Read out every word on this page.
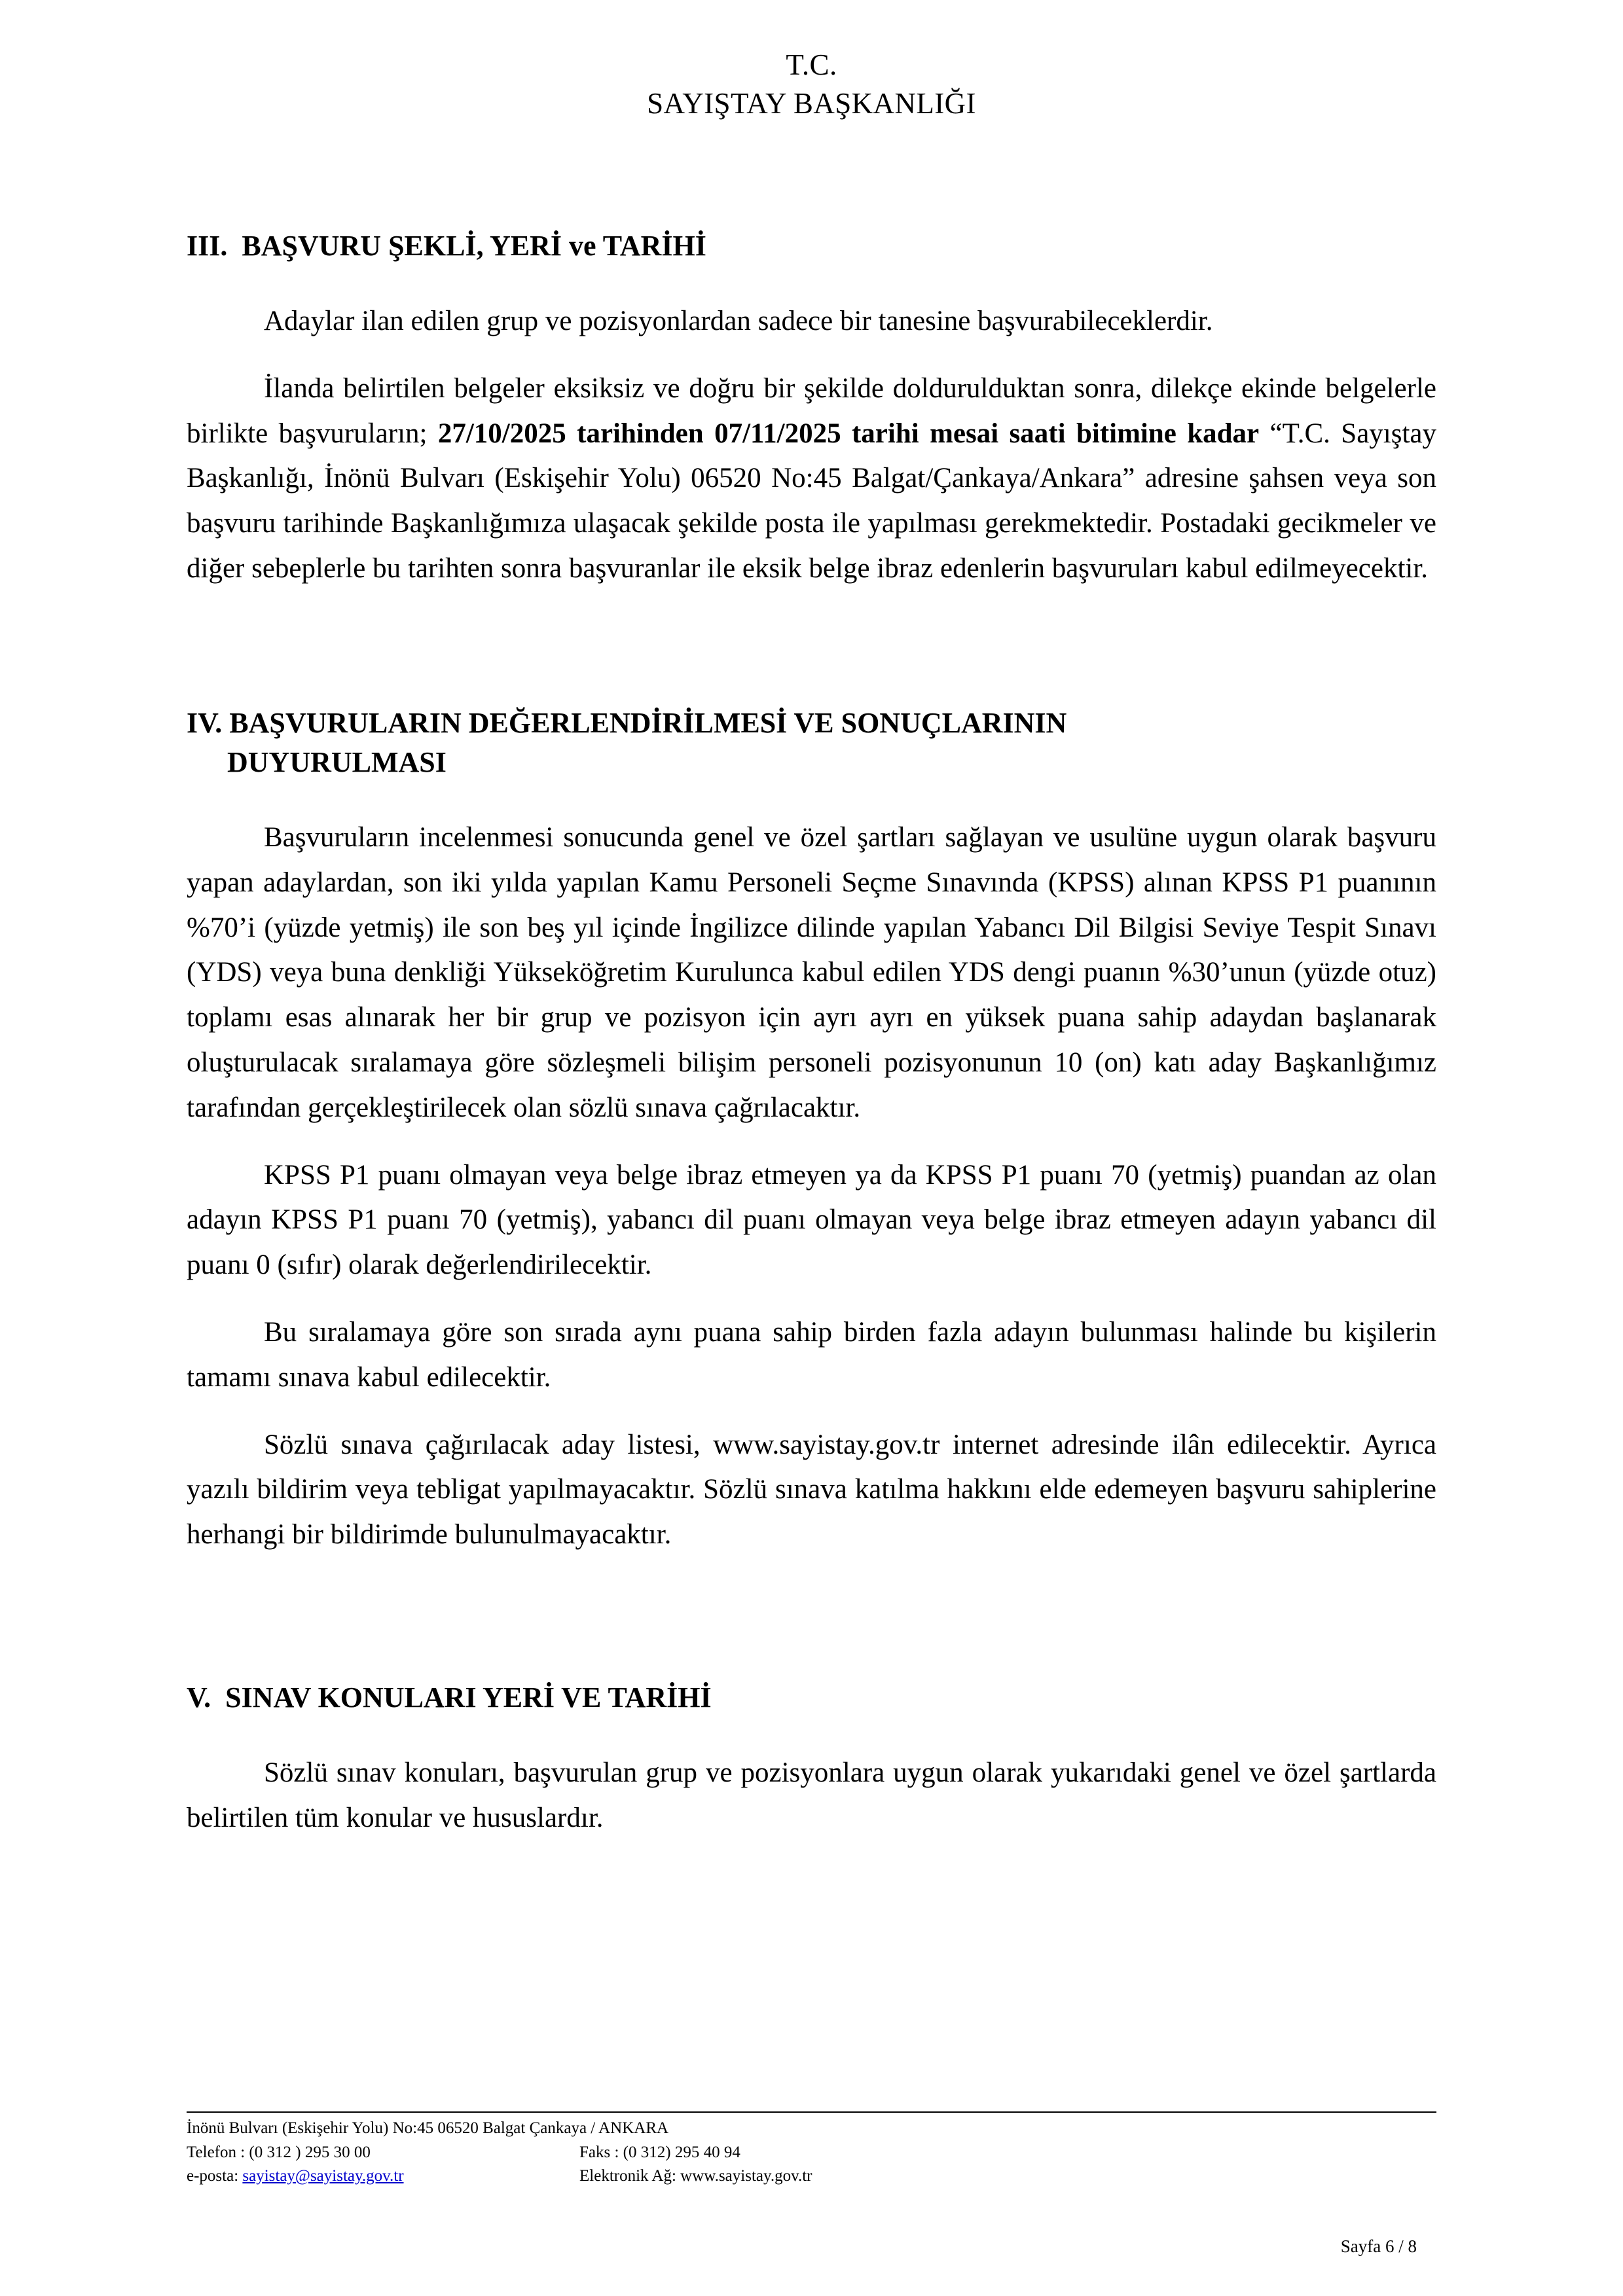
T.C.
SAYIŞTAY BAŞKANLIĞI
III. BAŞVURU ŞEKLİ, YERİ ve TARİHİ

Adaylar ilan edilen grup ve pozisyonlardan sadece bir tanesine başvurabileceklerdir.

İlanda belirtilen belgeler eksiksiz ve doğru bir şekilde doldurulduktan sonra, dilekçe ekinde belgelerle birlikte başvuruların; 27/10/2025 tarihinden 07/11/2025 tarihi mesai saati bitimine kadar “T.C. Sayıştay Başkanlığı, İnönü Bulvarı (Eskişehir Yolu) 06520 No:45 Balgat/Çankaya/Ankara” adresine şahsen veya son başvuru tarihinde Başkanlığımıza ulaşacak şekilde posta ile yapılması gerekmektedir. Postadaki gecikmeler ve diğer sebeplerle bu tarihten sonra başvuranlar ile eksik belge ibraz edenlerin başvuruları kabul edilmeyecektir.

IV. BAŞVURULARIN DEĞERLENDİRİLMESİ VE SONUÇLARININ
DUYURULMASI

Başvuruların incelenmesi sonucunda genel ve özel şartları sağlayan ve usulüne uygun olarak başvuru yapan adaylardan, son iki yılda yapılan Kamu Personeli Seçme Sınavında (KPSS) alınan KPSS P1 puanının %70’i (yüzde yetmiş) ile son beş yıl içinde İngilizce dilinde yapılan Yabancı Dil Bilgisi Seviye Tespit Sınavı (YDS) veya buna denkliği Yükseköğretim Kurulunca kabul edilen YDS dengi puanın %30’unun (yüzde otuz) toplamı esas alınarak her bir grup ve pozisyon için ayrı ayrı en yüksek puana sahip adaydan başlanarak oluşturulacak sıralamaya göre sözleşmeli bilişim personeli pozisyonunun 10 (on) katı aday Başkanlığımız tarafından gerçekleştirilecek olan sözlü sınava çağrılacaktır.

KPSS P1 puanı olmayan veya belge ibraz etmeyen ya da KPSS P1 puanı 70 (yetmiş) puandan az olan adayın KPSS P1 puanı 70 (yetmiş), yabancı dil puanı olmayan veya belge ibraz etmeyen adayın yabancı dil puanı 0 (sıfır) olarak değerlendirilecektir.

Bu sıralamaya göre son sırada aynı puana sahip birden fazla adayın bulunması halinde bu kişilerin tamamı sınava kabul edilecektir.

Sözlü sınava çağırılacak aday listesi, www.sayistay.gov.tr internet adresinde ilân edilecektir. Ayrıca yazılı bildirim veya tebligat yapılmayacaktır. Sözlü sınava katılma hakkını elde edemeyen başvuru sahiplerine herhangi bir bildirimde bulunulmayacaktır.

V. SINAV KONULARI YERİ VE TARİHİ

Sözlü sınav konuları, başvurulan grup ve pozisyonlara uygun olarak yukarıdaki genel ve özel şartlarda belirtilen tüm konular ve hususlardır.

İnönü Bulvarı (Eskişehir Yolu) No:45 06520 Balgat Çankaya / ANKARA
Telefon : (0 312 ) 295 30 00	Faks : (0 312) 295 40 94
e-posta: sayistay@sayistay.gov.tr	Elektronik Ağ: www.sayistay.gov.tr
Sayfa 6 / 8
